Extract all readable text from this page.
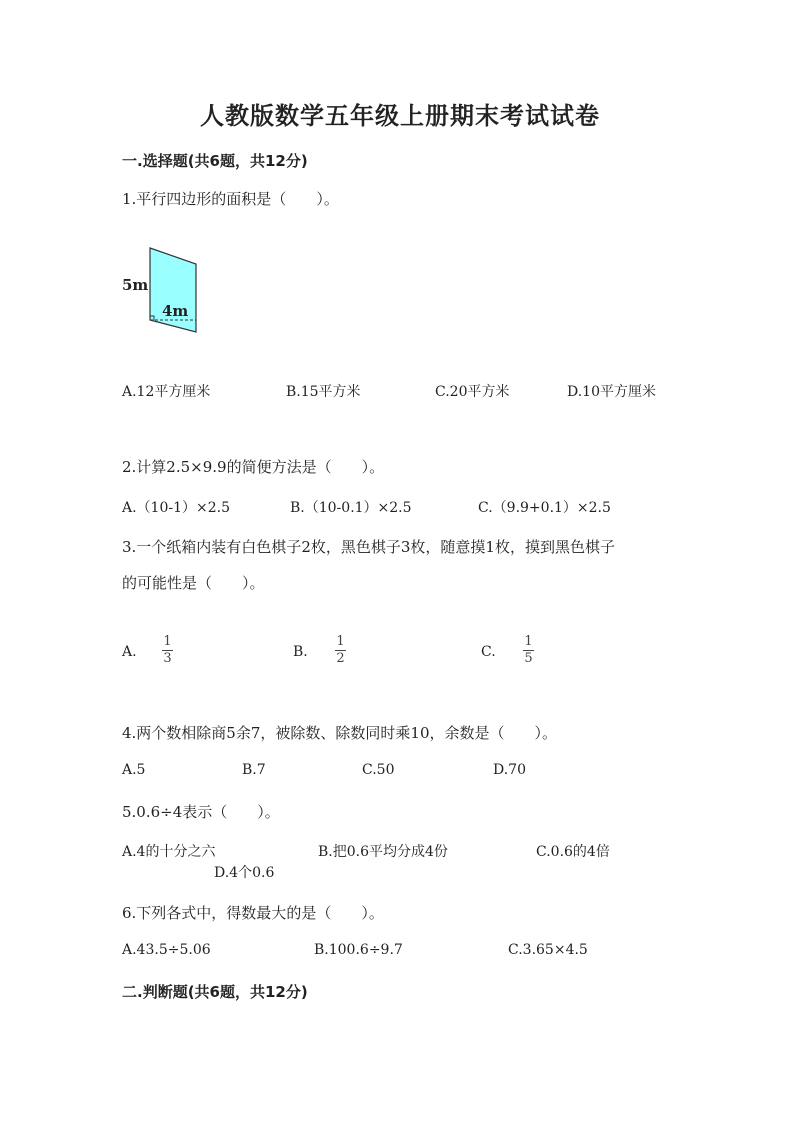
人教版数学五年级上册期末考试试卷
一.选择题(共6题，共12分)
1.平行四边形的面积是（　　）。
5m
4m
A.12平方厘米	B.15平方米	C.20平方米	D.10平方厘米
2.计算2.5×9.9的简便方法是（　　）。
A.（10-1）×2.5	B.（10-0.1）×2.5	C.（9.9+0.1）×2.5
3.一个纸箱内装有白色棋子2枚，黑色棋子3枚，随意摸1枚，摸到黑色棋子
的可能性是（　　）。
A.
1
3	B.
1
2	C.
1
5
4.两个数相除商5余7，被除数、除数同时乘10，余数是（　　）。
A.5	B.7	C.50	D.70
5.0.6÷4表示（　　）。
A.4的十分之六	B.把0.6平均分成4份	C.0.6的4倍
D.4个0.6
6.下列各式中，得数最大的是（　　）。
A.43.5÷5.06	B.100.6÷9.7	C.3.65×4.5
二.判断题(共6题，共12分)
